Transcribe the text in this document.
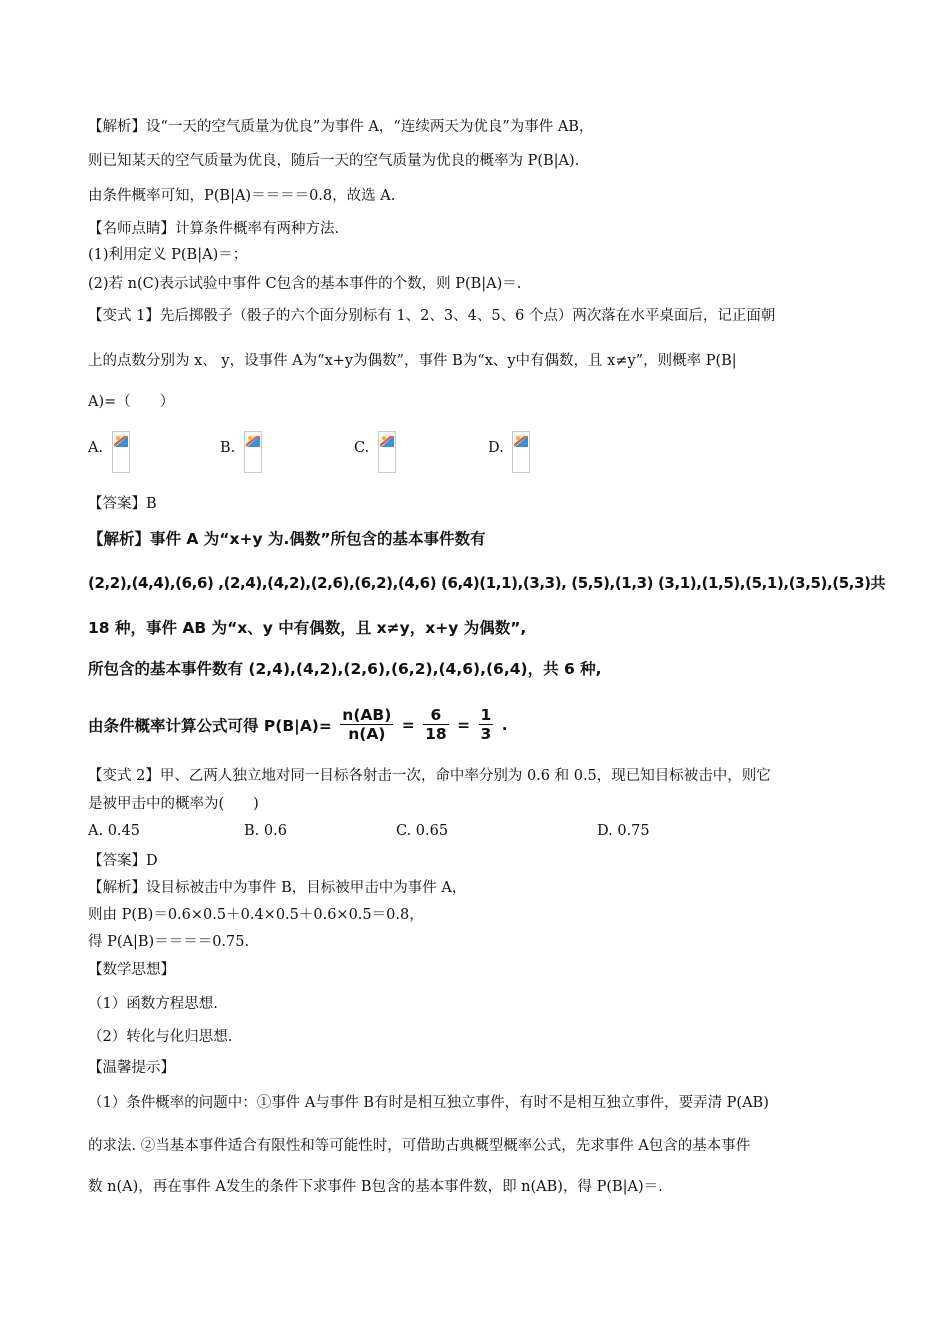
【解析】设“一天的空气质量为优良”为事件 A，“连续两天为优良”为事件 AB，
则已知某天的空气质量为优良，随后一天的空气质量为优良的概率为 P(B|A)．
由条件概率可知，P(B|A)＝＝＝＝0.8，故选 A.
【名师点睛】计算条件概率有两种方法.
(1)利用定义 P(B|A)＝；
(2)若 n(C)表示试验中事件 C包含的基本事件的个数，则 P(B|A)＝.
【变式 1】先后掷骰子（骰子的六个面分别标有 1、2、3、4、5、6 个点）两次落在水平桌面后，记正面朝
上的点数分别为 x、 y，设事件 A为“x+y为偶数”，事件 B为“x、y中有偶数，且 x≠y”，则概率 P(B|
A)=（　　）
A.	B.	C.	D.
【答案】B
【解析】事件 A 为“x+y 为.偶数”所包含的基本事件数有
(2,2),(4,4),(6,6) ,(2,4),(4,2),(2,6),(6,2),(4,6) (6,4)(1,1),(3,3), (5,5),(1,3) (3,1),(1,5),(5,1),(3,5),(5,3)共
18 种，事件 AB 为“x、y 中有偶数，且 x≠y，x+y 为偶数”,
所包含的基本事件数有 (2,4),(4,2),(2,6),(6,2),(4,6),(6,4)，共 6 种,
由条件概率计算公式可得 $P(B|A)= \frac{n(AB)}{n(A)} = \frac{6}{18} = \frac{1}{3}$ .
【变式 2】甲、乙两人独立地对同一目标各射击一次，命中率分别为 0.6 和 0.5，现已知目标被击中，则它
是被甲击中的概率为(　　)
A. 0.45	B. 0.6	C. 0.65	D. 0.75
【答案】D
【解析】设目标被击中为事件 B，目标被甲击中为事件 A，
则由 P(B)＝0.6×0.5＋0.4×0.5＋0.6×0.5＝0.8，
得 P(A|B)＝＝＝＝0.75.
【数学思想】
（1）函数方程思想.
（2）转化与化归思想.
【温馨提示】
（1）条件概率的问题中：①事件 A与事件 B有时是相互独立事件，有时不是相互独立事件，要弄清 P(AB)
的求法. ②当基本事件适合有限性和等可能性时，可借助古典概型概率公式，先求事件 A包含的基本事件
数 n(A)，再在事件 A发生的条件下求事件 B包含的基本事件数，即 n(AB)，得 P(B|A)＝.
